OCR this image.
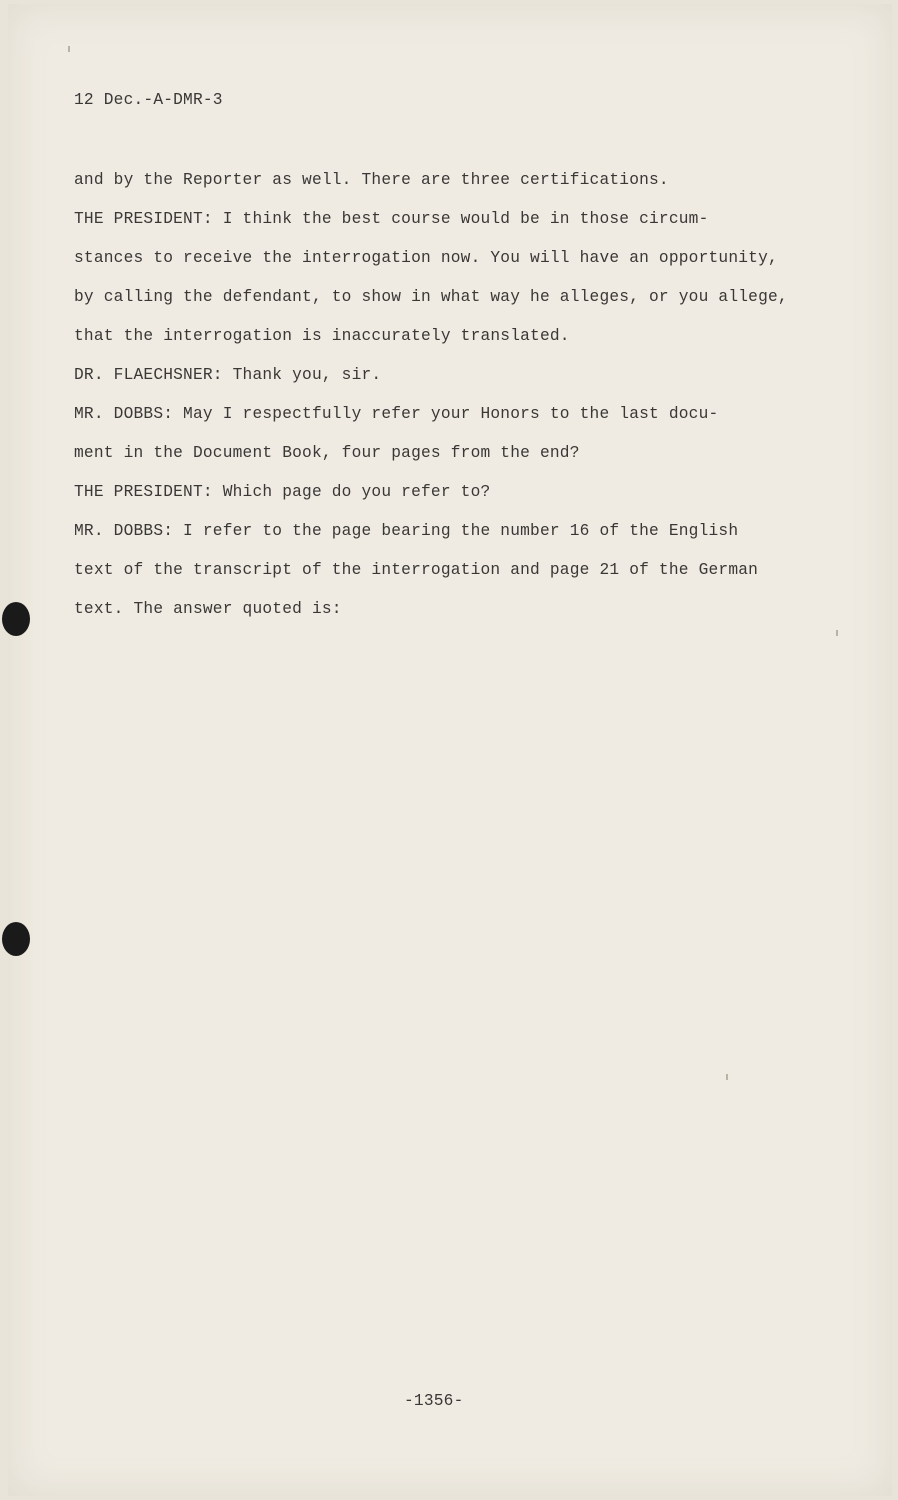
12 Dec.-A-DMR-3
and by the Reporter as well. There are three certifications.
THE PRESIDENT: I think the best course would be in those circum-
stances to receive the interrogation now. You will have an opportunity,
by calling the defendant, to show in what way he alleges, or you allege,
that the interrogation is inaccurately translated.
DR. FLAECHSNER: Thank you, sir.
MR. DOBBS: May I respectfully refer your Honors to the last docu-
ment in the Document Book, four pages from the end?
THE PRESIDENT: Which page do you refer to?
MR. DOBBS: I refer to the page bearing the number 16 of the English
text of the transcript of the interrogation and page 21 of the German
text. The answer quoted is:
-1356-
